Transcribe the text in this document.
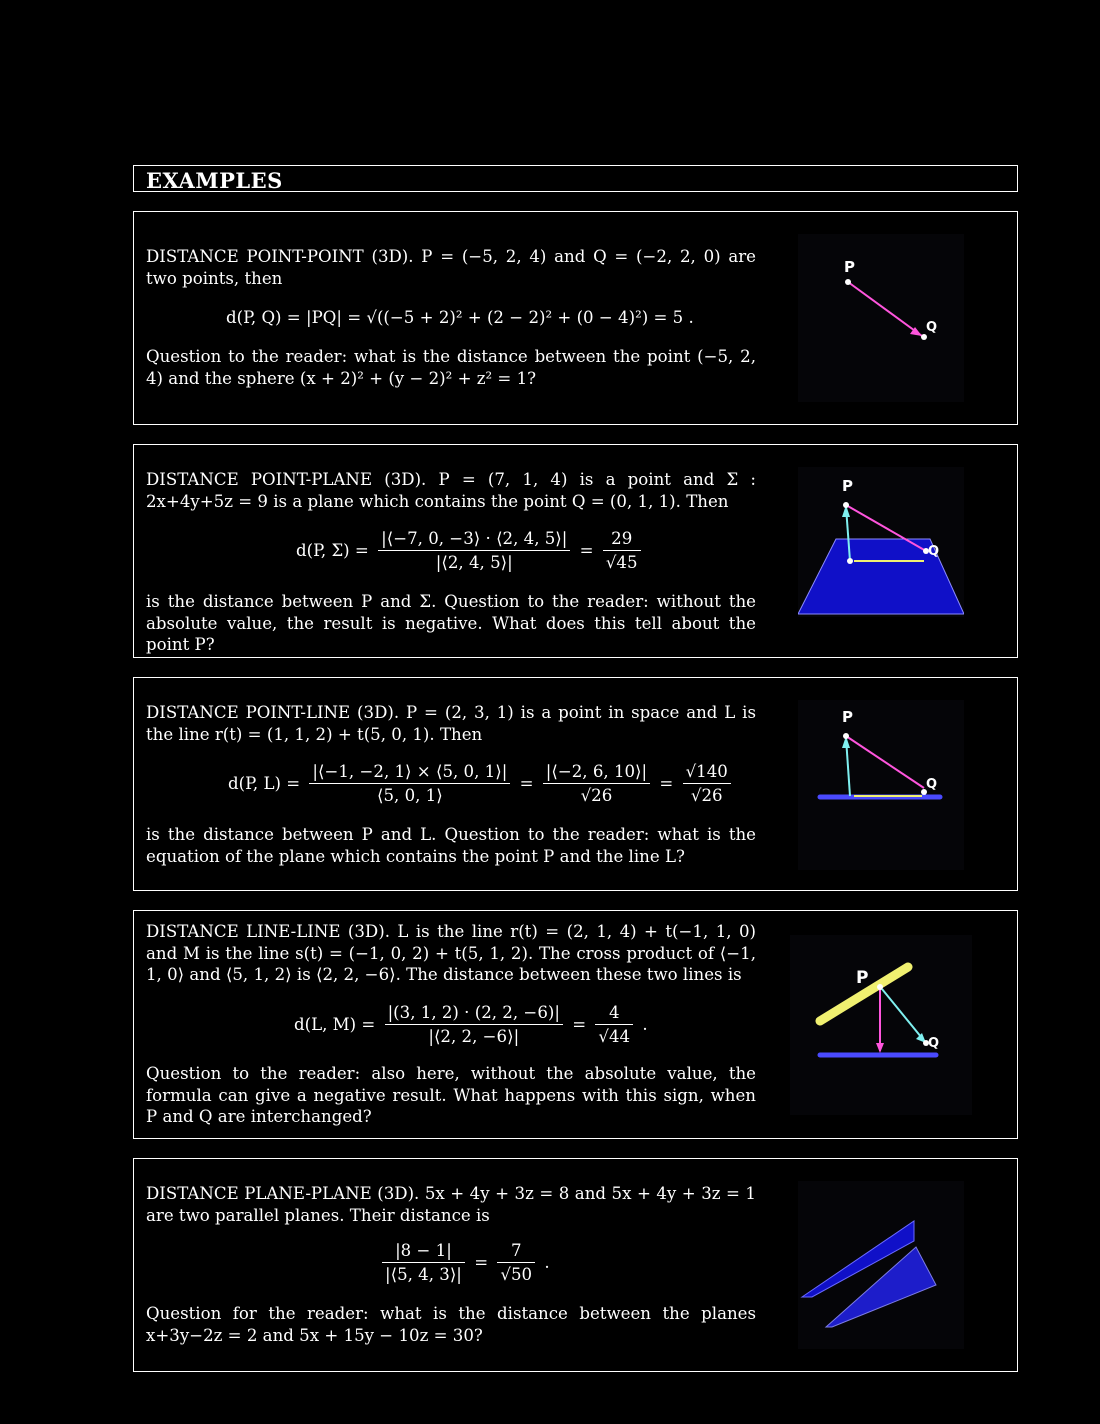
EXAMPLES
DISTANCE POINT-POINT (3D). P = (−5, 2, 4) and Q = (−2, 2, 0) are two points, then
d(P, Q) = |PQ| = √((−5 + 2)² + (2 − 2)² + (0 − 4)²) = 5 .
Question to the reader: what is the distance between the point (−5, 2, 4) and the sphere (x + 2)² + (y − 2)² + z² = 1?
P
Q
DISTANCE POINT-PLANE (3D). P = (7, 1, 4) is a point and Σ : 2x+4y+5z = 9 is a plane which contains the point Q = (0, 1, 1). Then
d(P, $\Sigma) = \frac{|⟨-7, 0, -3⟩ \cdot ⟨2, 4, 5⟩|}{|⟨2, 4, 5⟩|} = \frac{29}{√45}$
is the distance between P and Σ. Question to the reader: without the absolute value, the result is negative. What does this tell about the point P?
P
Q
DISTANCE POINT-LINE (3D). P = (2, 3, 1) is a point in space and L is the line r(t) = (1, 1, 2) + t(5, 0, 1). Then
d(P, $L) = \frac{|⟨-1, -2, 1⟩ \times ⟨5, 0, 1⟩|}{⟨5, 0, 1⟩} = \frac{|⟨-2, 6, 10⟩|}{√26} = \frac{√140}{√26}$
is the distance between P and L. Question to the reader: what is the equation of the plane which contains the point P and the line L?
P
Q
DISTANCE LINE-LINE (3D). L is the line r(t) = (2, 1, 4) + t(−1, 1, 0) and M is the line s(t) = (−1, 0, 2) + t(5, 1, 2). The cross product of ⟨−1, 1, 0⟩ and ⟨5, 1, 2⟩ is ⟨2, 2, −6⟩. The distance between these two lines is
d(L, $M) = \frac{|(3, 1, 2) \cdot (2, 2, -6)|}{|⟨2, 2, -6⟩|} = \frac{4}{√44}$ .
Question to the reader: also here, without the absolute value, the formula can give a negative result. What happens with this sign, when P and Q are interchanged?
P
Q
DISTANCE PLANE-PLANE (3D). 5x + 4y + 3z = 8 and 5x + 4y + 3z = 1 are two parallel planes. Their distance is
$\frac{|8 - 1|}{|⟨5, 4, 3⟩|} = \frac{7}{√50}$ .
Question for the reader: what is the distance between the planes x+3y−2z = 2 and 5x + 15y − 10z = 30?
